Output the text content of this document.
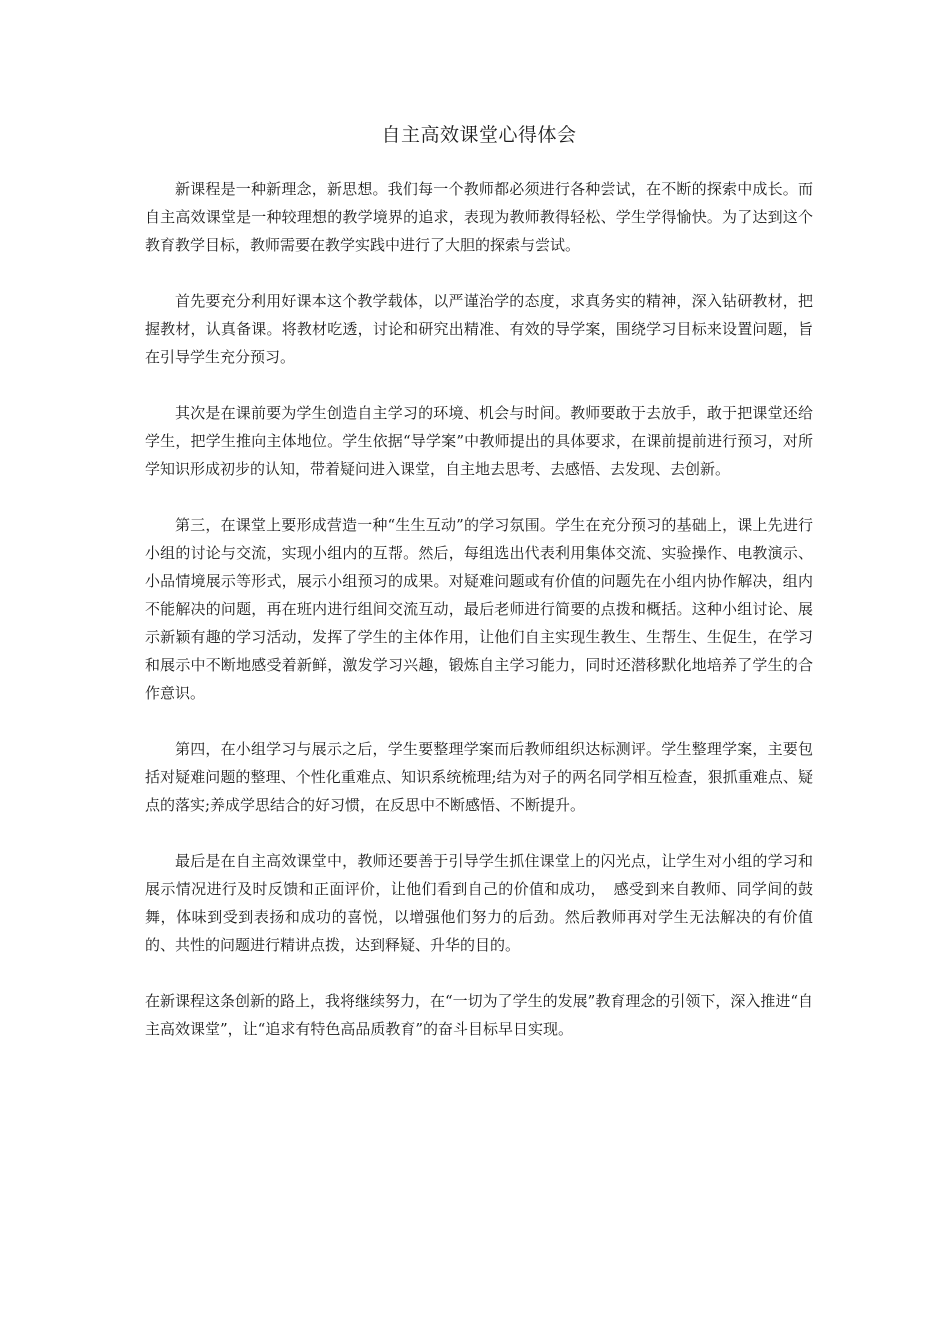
自主高效课堂心得体会

新课程是一种新理念，新思想。我们每一个教师都必须进行各种尝试，在不断的探索中成长。而自主高效课堂是一种较理想的教学境界的追求，表现为教师教得轻松、学生学得愉快。为了达到这个教育教学目标，教师需要在教学实践中进行了大胆的探索与尝试。

首先要充分利用好课本这个教学载体，以严谨治学的态度，求真务实的精神，深入钻研教材，把握教材，认真备课。将教材吃透，讨论和研究出精准、有效的导学案，围绕学习目标来设置问题，旨在引导学生充分预习。

其次是在课前要为学生创造自主学习的环境、机会与时间。教师要敢于去放手，敢于把课堂还给学生，把学生推向主体地位。学生依据“导学案”中教师提出的具体要求，在课前提前进行预习，对所学知识形成初步的认知，带着疑问进入课堂，自主地去思考、去感悟、去发现、去创新。

第三，在课堂上要形成营造一种“生生互动”的学习氛围。学生在充分预习的基础上，课上先进行小组的讨论与交流，实现小组内的互帮。然后，每组选出代表利用集体交流、实验操作、电教演示、小品情境展示等形式，展示小组预习的成果。对疑难问题或有价值的问题先在小组内协作解决，组内不能解决的问题，再在班内进行组间交流互动，最后老师进行简要的点拨和概括。这种小组讨论、展示新颖有趣的学习活动，发挥了学生的主体作用，让他们自主实现生教生、生帮生、生促生，在学习和展示中不断地感受着新鲜，激发学习兴趣，锻炼自主学习能力，同时还潜移默化地培养了学生的合作意识。

第四，在小组学习与展示之后，学生要整理学案而后教师组织达标测评。学生整理学案，主要包括对疑难问题的整理、个性化重难点、知识系统梳理;结为对子的两名同学相互检查，狠抓重难点、疑点的落实;养成学思结合的好习惯，在反思中不断感悟、不断提升。

最后是在自主高效课堂中，教师还要善于引导学生抓住课堂上的闪光点，让学生对小组的学习和展示情况进行及时反馈和正面评价，让他们看到自己的价值和成功，　感受到来自教师、同学间的鼓舞，体味到受到表扬和成功的喜悦，以增强他们努力的后劲。然后教师再对学生无法解决的有价值的、共性的问题进行精讲点拨，达到释疑、升华的目的。

在新课程这条创新的路上，我将继续努力，在“一切为了学生的发展”教育理念的引领下，深入推进“自主高效课堂”，让“追求有特色高品质教育”的奋斗目标早日实现。
